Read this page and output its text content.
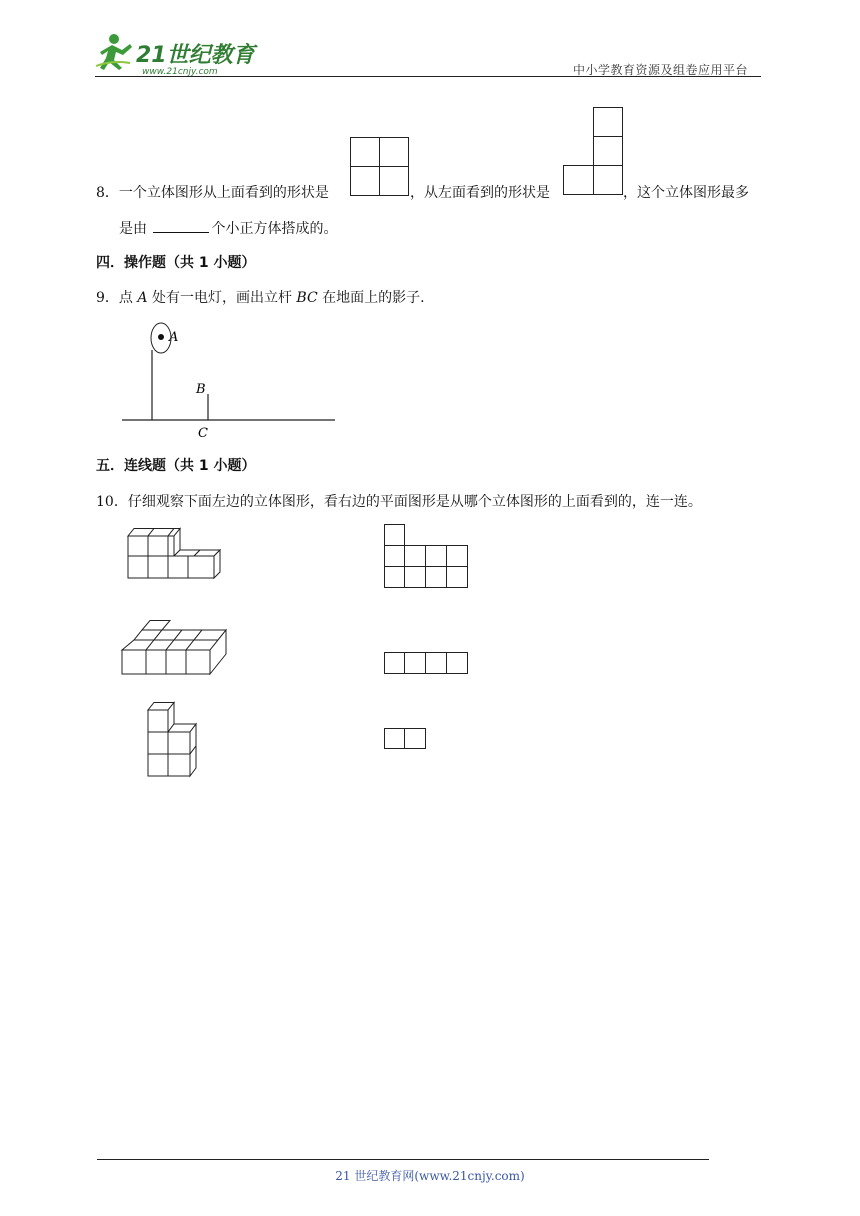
21世纪教育
www.21cnjy.com	中小学教育资源及组卷应用平台
8．一个立体图形从上面看到的形状是	，从左面看到的形状是	，这个立体图形最多
是由	个小正方体搭成的。
四．操作题（共 1 小题）
9．点 A 处有一电灯，画出立杆 BC 在地面上的影子.
A
B
C
五．连线题（共 1 小题）
10．仔细观察下面左边的立体图形，看右边的平面图形是从哪个立体图形的上面看到的，连一连。
21 世纪教育网(www.21cnjy.com)
